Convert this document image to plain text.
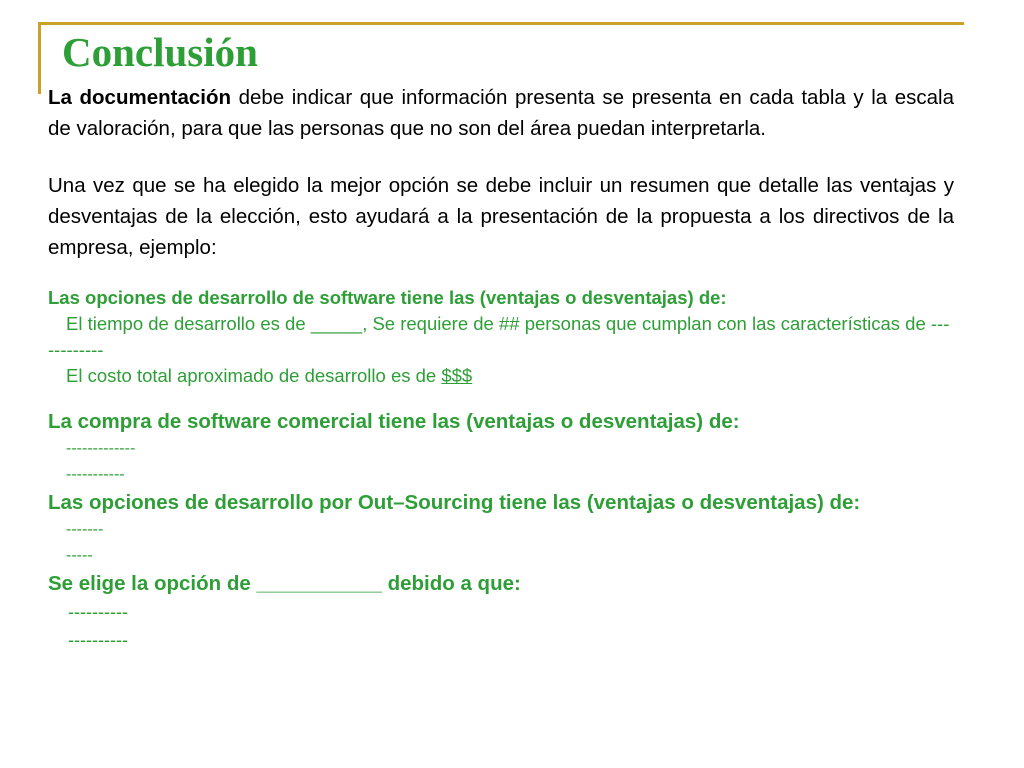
Conclusión

La documentación debe indicar que información presenta se presenta en cada tabla y la escala de valoración, para que las personas que no son del área puedan interpretarla.

Una vez que se ha elegido la mejor opción se debe incluir un resumen que detalle las ventajas y desventajas de la elección, esto ayudará a la presentación de la propuesta a los directivos de la empresa, ejemplo:

Las opciones de desarrollo de software tiene las (ventajas o desventajas) de:

El tiempo de desarrollo es de _____, Se requiere de ## personas que cumplan con las características de ------------

El costo total aproximado de desarrollo es de $$$

La compra de software comercial tiene las (ventajas o desventajas) de:

-------------

-----------

Las opciones de desarrollo por Out–Sourcing tiene las (ventajas o desventajas) de:

-------

-----

Se elige la opción de ___________ debido a que:

----------

----------
